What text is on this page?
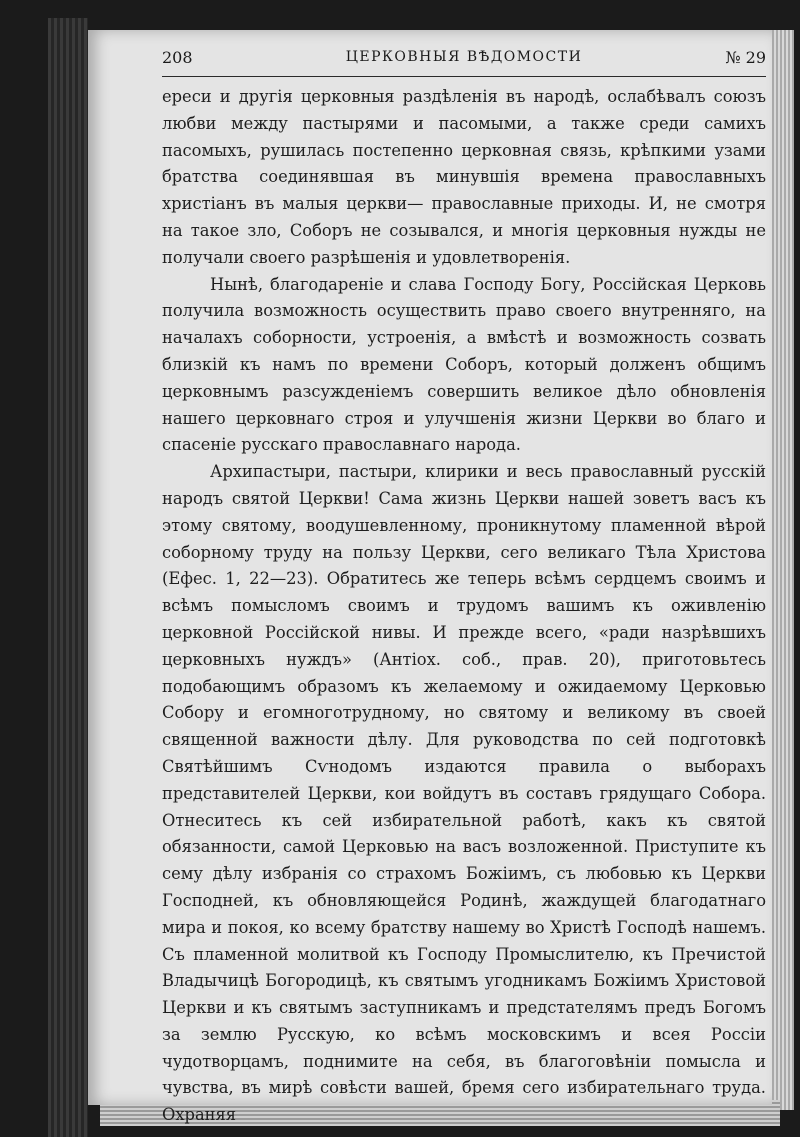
208	ЦЕРКОВНЫЯ ВѢДОМОСТИ	№ 29

ереси и другія церковныя раздѣленія въ народѣ, ослабѣвалъ союзъ любви между пастырями и пасомыми, а также среди самихъ пасомыхъ, рушилась постепенно церковная связь, крѣпкими узами братства соединявшая въ минувшія времена православныхъ христіанъ въ малыя церкви— православные приходы. И, не смотря на такое зло, Соборъ не созывался, и многія церковныя нужды не получали своего разрѣшенія и удовлетворенія.

Нынѣ, благодареніе и слава Господу Богу, Россійская Церковь получила возможность осуществить право своего внутренняго, на началахъ соборности, устроенія, а вмѣстѣ и возможность созвать близкій къ намъ по времени Соборъ, который долженъ общимъ церковнымъ разсужденіемъ совершить великое дѣло обновленія нашего церковнаго строя и улучшенія жизни Церкви во благо и спасеніе русскаго православнаго народа.

Архипастыри, пастыри, клирики и весь православный русскій народъ святой Церкви! Сама жизнь Церкви нашей зоветъ васъ къ этому святому, воодушевленному, проникнутому пламенной вѣрой соборному труду на пользу Церкви, сего великаго Тѣла Христова (Ефес. 1, 22—23). Обратитесь же теперь всѣмъ сердцемъ своимъ и всѣмъ помысломъ своимъ и трудомъ вашимъ къ оживленію церковной Россійской нивы. И прежде всего, «ради назрѣвшихъ церковныхъ нуждъ» (Антіох. соб., прав. 20), приготовьтесь подобающимъ образомъ къ желаемому и ожидаемому Церковью Собору и егомноготрудному, но святому и великому въ своей священной важности дѣлу. Для руководства по сей подготовкѣ Святѣйшимъ Сѵнодомъ издаются правила о выборахъ представителей Церкви, кои войдутъ въ составъ грядущаго Собора. Отнеситесь къ сей избирательной работѣ, какъ къ святой обязанности, самой Церковью на васъ возложенной. Приступите къ сему дѣлу избранія со страхомъ Божіимъ, съ любовью къ Церкви Господней, къ обновляющейся Родинѣ, жаждущей благодатнаго мира и покоя, ко всему братству нашему во Христѣ Господѣ нашемъ. Съ пламенной молитвой къ Господу Промыслителю, къ Пречистой Владычицѣ Богородицѣ, къ святымъ угодникамъ Божіимъ Христовой Церкви и къ святымъ заступникамъ и предстателямъ предъ Богомъ за землю Русскую, ко всѣмъ московскимъ и всея Россіи чудотворцамъ, поднимите на себя, въ благоговѣніи помысла и чувства, въ мирѣ совѣсти вашей, бремя сего избирательнаго труда. Охраняя
